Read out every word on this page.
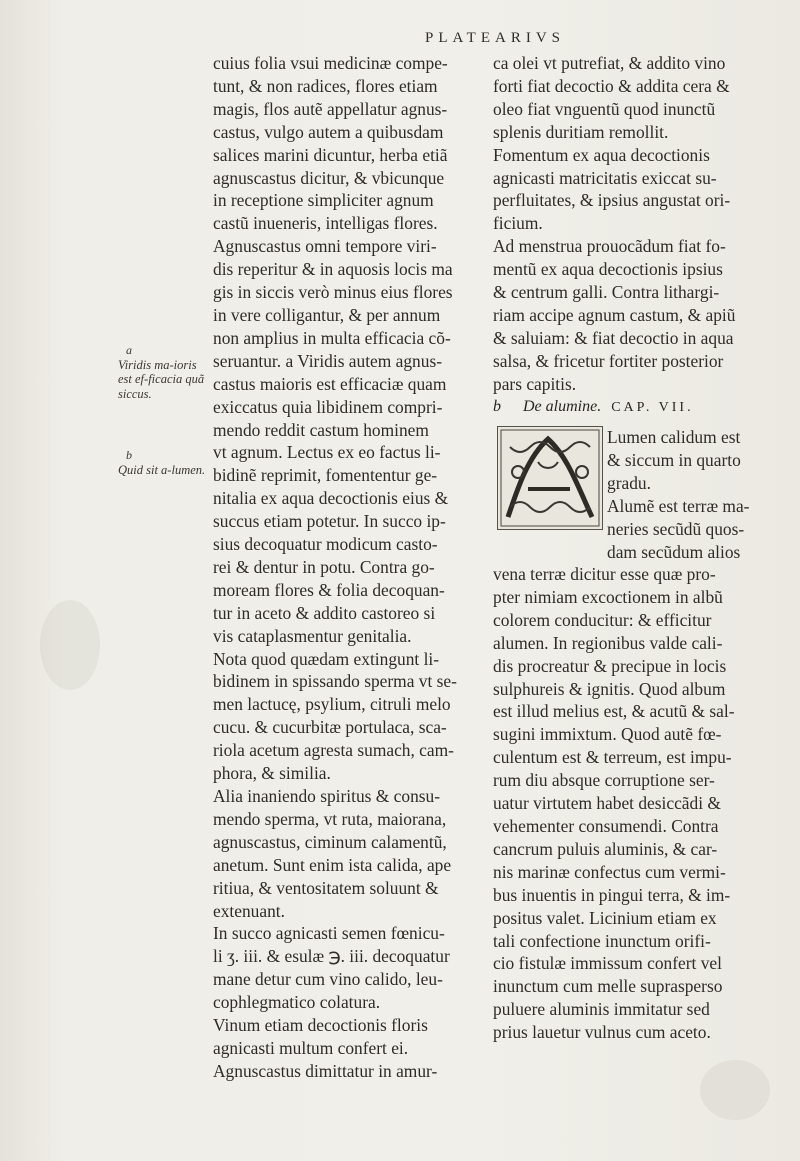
PLATEARIVS
a
Viridis ma-ioris est ef-ficacia quã siccus.
b
Quid sit a-lumen.
cuius folia vsui medicinæ compe-
tunt, & non radices, flores etiam
magis, flos autẽ appellatur agnus-
castus, vulgo autem a quibusdam
salices marini dicuntur, herba etiã
agnuscastus dicitur, & vbicunque
in receptione simpliciter agnum
castũ inueneris, intelligas flores.
Agnuscastus omni tempore viri-
dis reperitur & in aquosis locis ma
gis in siccis verò minus eius flores
in vere colligantur, & per annum
non amplius in multa efficacia cõ-
seruantur. a Viridis autem agnus-
castus maioris est efficaciæ quam
exiccatus quia libidinem compri-
mendo reddit castum hominem
vt agnum. Lectus ex eo factus li-
bidinẽ reprimit, fomententur ge-
nitalia ex aqua decoctionis eius &
succus etiam potetur. In succo ip-
sius decoquatur modicum casto-
rei & dentur in potu. Contra go-
moream flores & folia decoquan-
tur in aceto & addito castoreo si
vis cataplasmentur genitalia.
Nota quod quædam extingunt li-
bidinem in spissando sperma vt se-
men lactucę, psylium, citruli melo
cucu. & cucurbitæ portulaca, sca-
riola acetum agresta sumach, cam-
phora, & similia.
Alia inaniendo spiritus & consu-
mendo sperma, vt ruta, maiorana,
agnuscastus, ciminum calamentũ,
anetum. Sunt enim ista calida, ape
ritiua, & ventositatem soluunt &
extenuant.
In succo agnicasti semen fœnicu-
li ʒ. iii. & esulæ ℈. iii. decoquatur
mane detur cum vino calido, leu-
cophlegmatico colatura.
Vinum etiam decoctionis floris
agnicasti multum confert ei.
Agnuscastus dimittatur in amur-
ca olei vt putrefiat, & addito vino
forti fiat decoctio & addita cera &
oleo fiat vnguentũ quod inunctũ
splenis duritiam remollit.
Fomentum ex aqua decoctionis
agnicasti matricitatis exiccat su-
perfluitates, & ipsius angustat ori-
ficium.
Ad menstrua prouocãdum fiat fo-
mentũ ex aqua decoctionis ipsius
& centrum galli. Contra lithargi-
riam accipe agnum castum, & apiũ
& saluiam: & fiat decoctio in aqua
salsa, & fricetur fortiter posterior
pars capitis.
b De alumine. CAP. VII.
Lumen calidum est
& siccum in quarto
gradu.
Alumẽ est terræ ma-
neries secũdũ quos-
dam secũdum alios
vena terræ dicitur esse quæ pro-
pter nimiam excoctionem in albũ
colorem conducitur: & efficitur
alumen. In regionibus valde cali-
dis procreatur & precipue in locis
sulphureis & ignitis. Quod album
est illud melius est, & acutũ & sal-
sugini immixtum. Quod autẽ fœ-
culentum est & terreum, est impu-
rum diu absque corruptione ser-
uatur virtutem habet desiccãdi &
vehementer consumendi. Contra
cancrum puluis aluminis, & car-
nis marinæ confectus cum vermi-
bus inuentis in pingui terra, & im-
positus valet. Licinium etiam ex
tali confectione inunctum orifi-
cio fistulæ immissum confert vel
inunctum cum melle suprasperso
puluere aluminis immitatur sed
prius lauetur vulnus cum aceto.
